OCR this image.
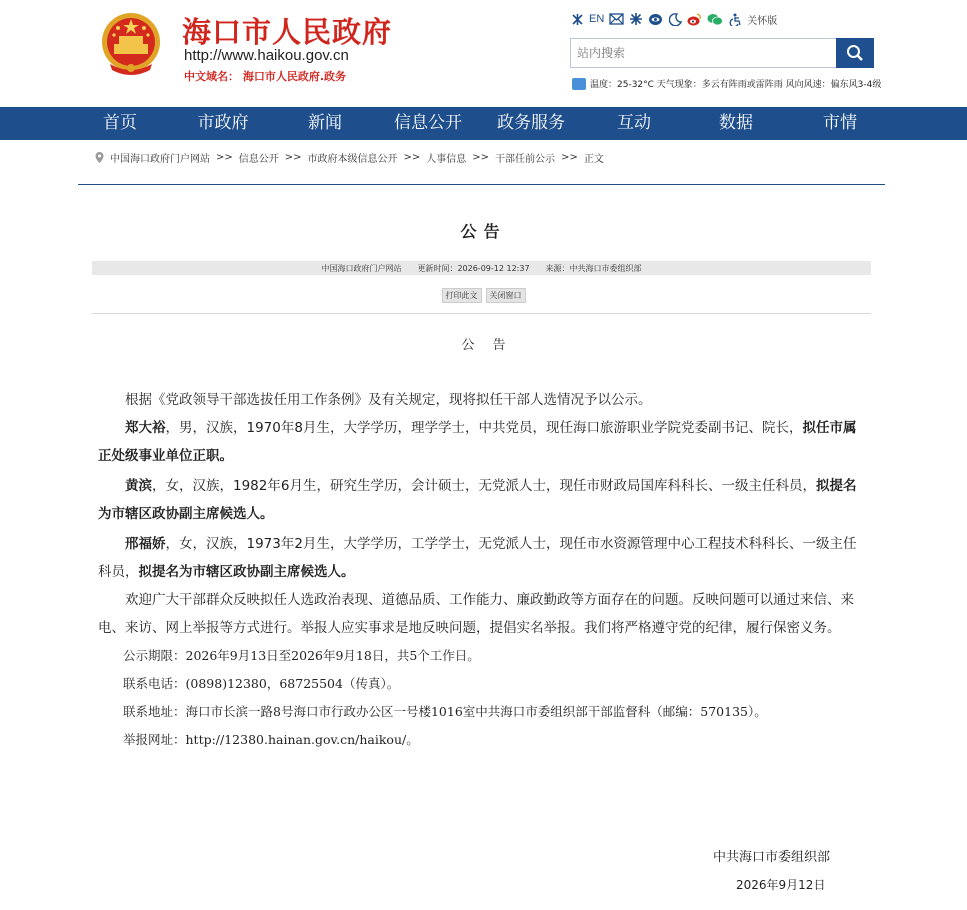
海口市人民政府
http://www.haikou.gov.cn
中文域名： 海口市人民政府.政务
EN	关怀版
站内搜索
温度：25-32°C 天气现象：多云有阵雨或雷阵雨 风向风速：偏东风3-4级
首页	市政府	新闻	信息公开 政务服务	互动	数据	市情
中国海口政府门户网站 >> 信息公开 >> 市政府本级信息公开 >> 人事信息 >> 干部任前公示 >> 正文
公告
中国海口政府门户网站 更新时间：2026-09-12 12:37 来源：中共海口市委组织部
打印此文	关闭窗口
公告

根据《党政领导干部选拔任用工作条例》及有关规定，现将拟任干部人选情况予以公示。

郑大裕，男，汉族，1970年8月生，大学学历，理学学士，中共党员，现任海口旅游职业学院党委副书记、院长，拟任市属正处级事业单位正职。

黄滨，女，汉族，1982年6月生，研究生学历，会计硕士，无党派人士，现任市财政局国库科科长、一级主任科员，拟提名为市辖区政协副主席候选人。

邢福娇，女，汉族，1973年2月生，大学学历，工学学士，无党派人士，现任市水资源管理中心工程技术科科长、一级主任科员，拟提名为市辖区政协副主席候选人。

欢迎广大干部群众反映拟任人选政治表现、道德品质、工作能力、廉政勤政等方面存在的问题。反映问题可以通过来信、来电、来访、网上举报等方式进行。举报人应实事求是地反映问题，提倡实名举报。我们将严格遵守党的纪律，履行保密义务。

公示期限：2026年9月13日至2026年9月18日，共5个工作日。

联系电话：(0898)12380，68725504（传真）。

联系地址：海口市长滨一路8号海口市行政办公区一号楼1016室中共海口市委组织部干部监督科（邮编：570135）。

举报网址：http://12380.hainan.gov.cn/haikou/。

中共海口市委组织部
2026年9月12日
